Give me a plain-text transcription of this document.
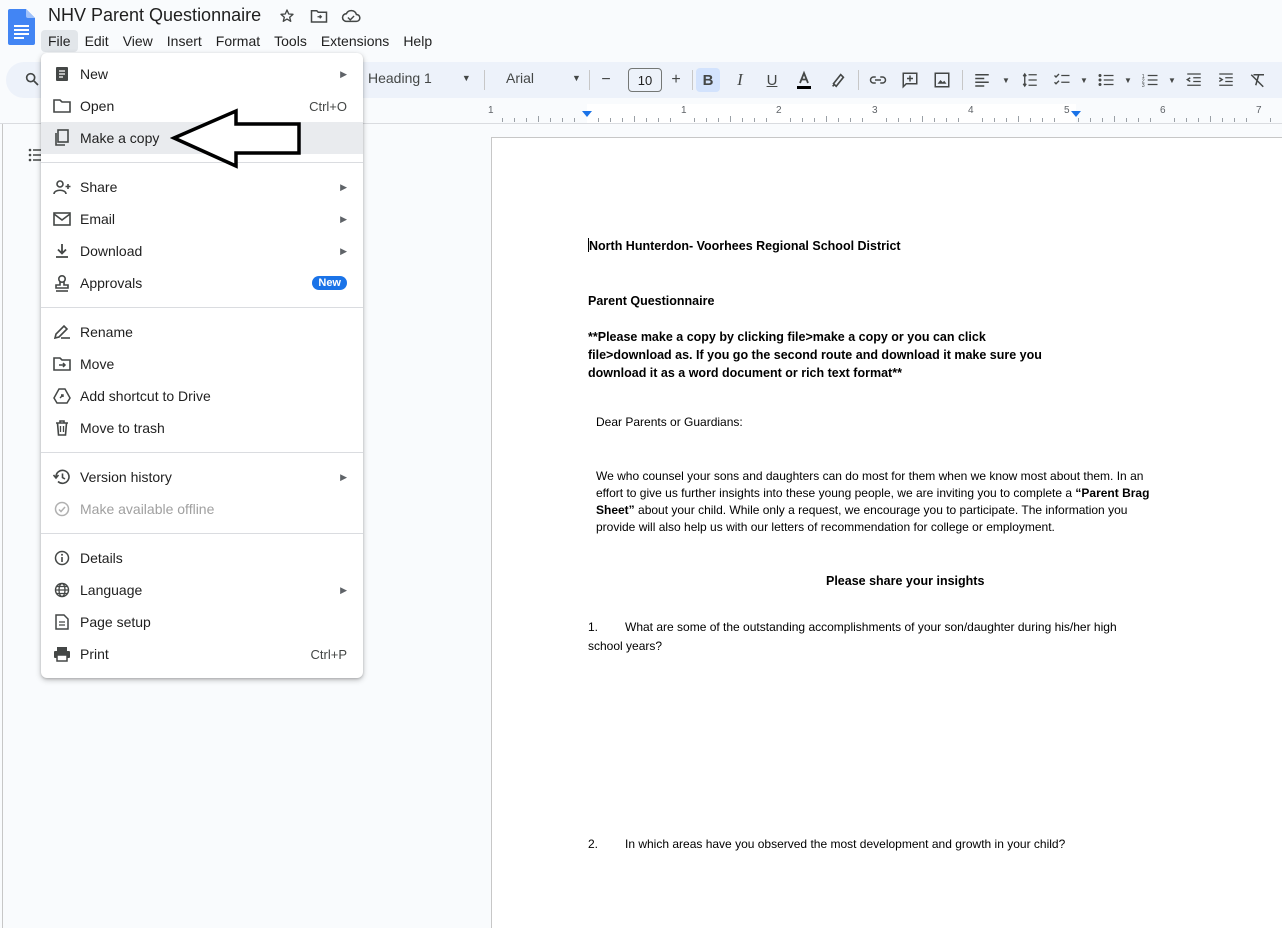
NHV Parent Questionnaire
File	Edit	View	Insert	Format	Tools	Extensions	Help
Heading 1	▼	Arial	▼	−	10	+	B I U	▼	▼	▼	1
2
3
▼
1	1	2	3	4	5	6	7
North Hunterdon- Voorhees Regional School District
Parent Questionnaire
**Please make a copy by clicking file>make a copy or you can click
file>download as. If you go the second route and download it make sure you
download it as a word document or rich text format**
Dear Parents or Guardians:
We who counsel your sons and daughters can do most for them when we know most about them. In an
effort to give us further insights into these young people, we are inviting you to complete a “Parent Brag
Sheet” about your child. While only a request, we encourage you to participate. The information you
provide will also help us with our letters of recommendation for college or employment.
Please share your insights
1. What are some of the outstanding accomplishments of your son/daughter during his/her high
school years?
2. In which areas have you observed the most development and growth in your child?
New	▶
Open	Ctrl+O
Make a copy
Share	▶
Email	▶
Download	▶
Approvals	New
Rename
Move
Add shortcut to Drive
Move to trash
Version history	▶
Make available offline
Details
Language	▶
Page setup
Print	Ctrl+P
